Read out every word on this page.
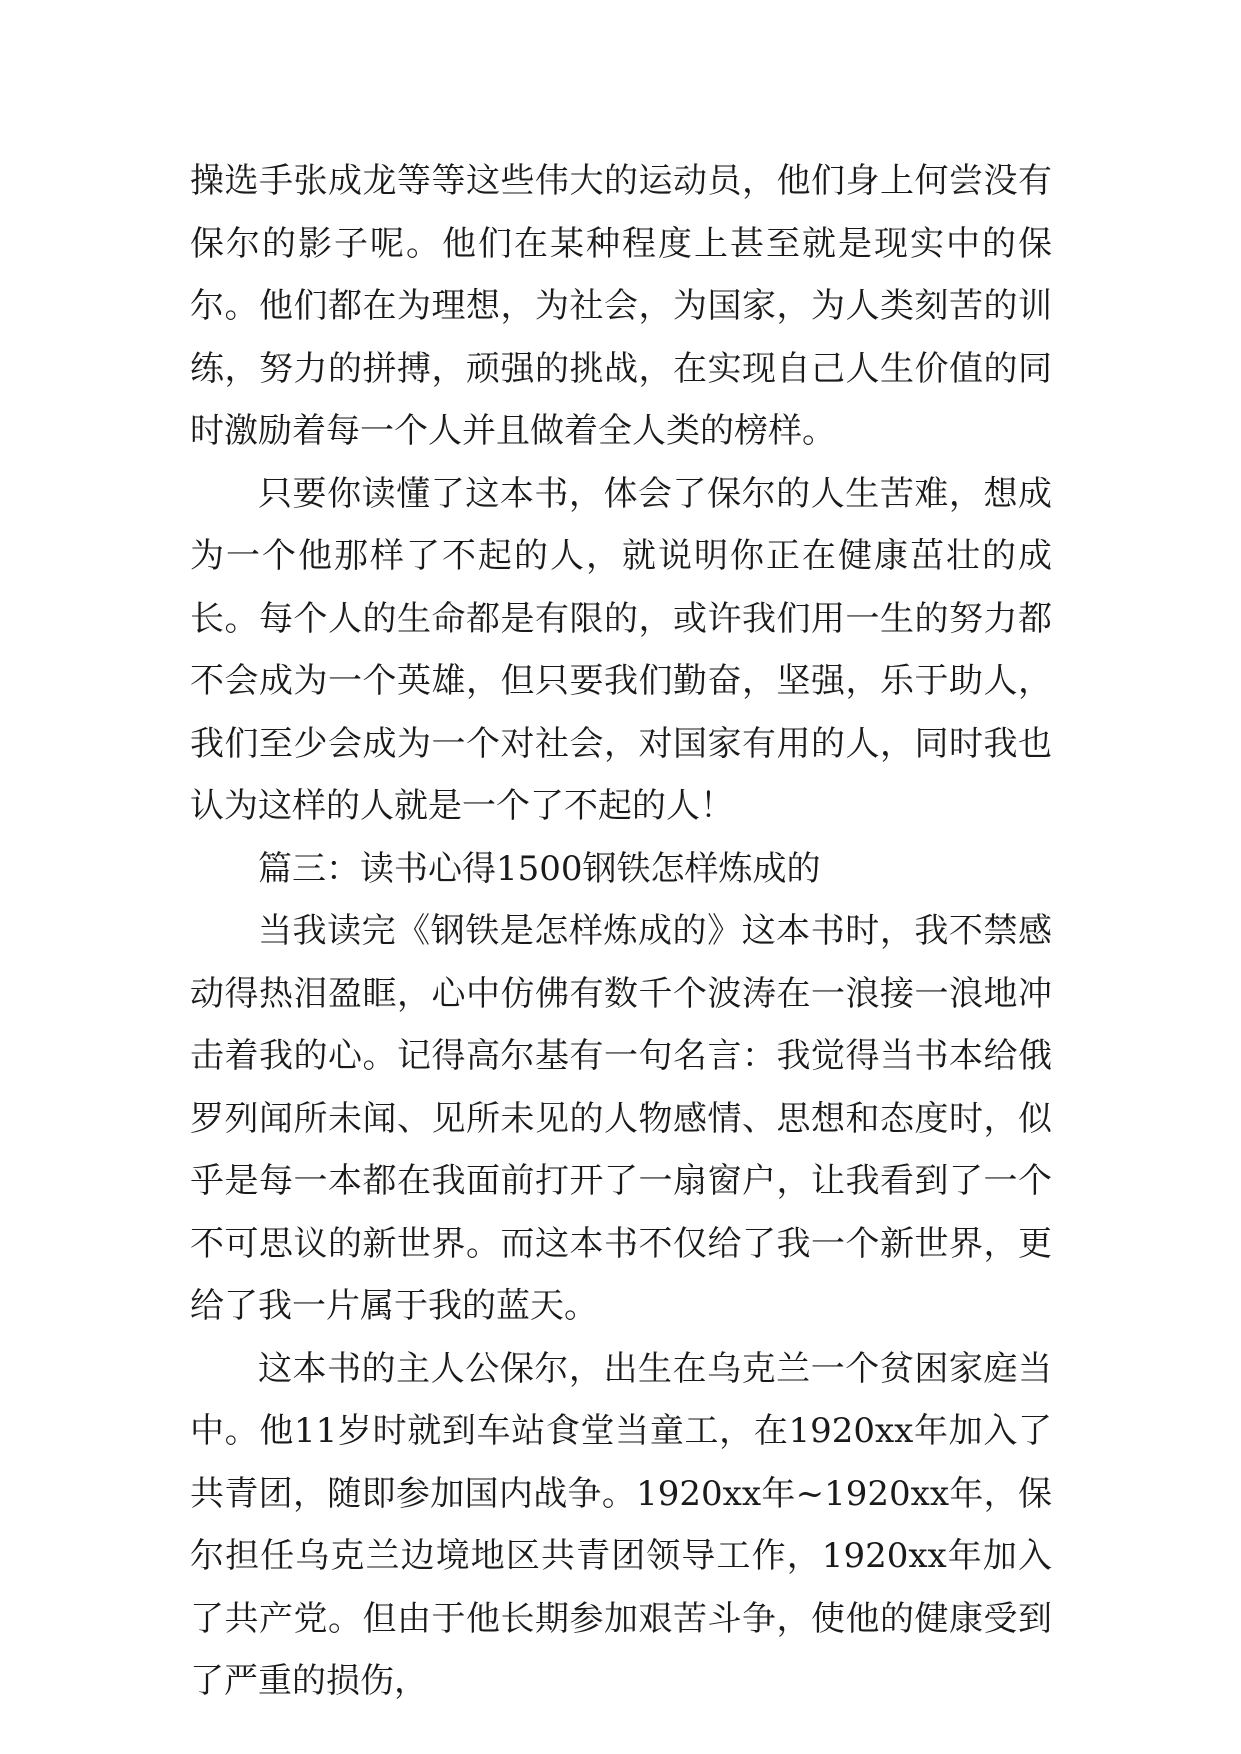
操选手张成龙等等这些伟大的运动员，他们身上何尝没有保尔的影子呢。他们在某种程度上甚至就是现实中的保尔。他们都在为理想，为社会，为国家，为人类刻苦的训练，努力的拼搏，顽强的挑战，在实现自己人生价值的同时激励着每一个人并且做着全人类的榜样。

只要你读懂了这本书，体会了保尔的人生苦难，想成为一个他那样了不起的人，就说明你正在健康茁壮的成长。每个人的生命都是有限的，或许我们用一生的努力都不会成为一个英雄，但只要我们勤奋，坚强，乐于助人，我们至少会成为一个对社会，对国家有用的人，同时我也认为这样的人就是一个了不起的人！

篇三：读书心得1500钢铁怎样炼成的

当我读完《钢铁是怎样炼成的》这本书时，我不禁感动得热泪盈眶，心中仿佛有数千个波涛在一浪接一浪地冲击着我的心。记得高尔基有一句名言：我觉得当书本给俄罗列闻所未闻、见所未见的人物感情、思想和态度时，似乎是每一本都在我面前打开了一扇窗户，让我看到了一个不可思议的新世界。而这本书不仅给了我一个新世界，更给了我一片属于我的蓝天。

这本书的主人公保尔，出生在乌克兰一个贫困家庭当中。他11岁时就到车站食堂当童工，在1920xx年加入了共青团，随即参加国内战争。1920xx年~1920xx年，保尔担任乌克兰边境地区共青团领导工作，1920xx年加入了共产党。但由于他长期参加艰苦斗争，使他的健康受到了严重的损伤，
